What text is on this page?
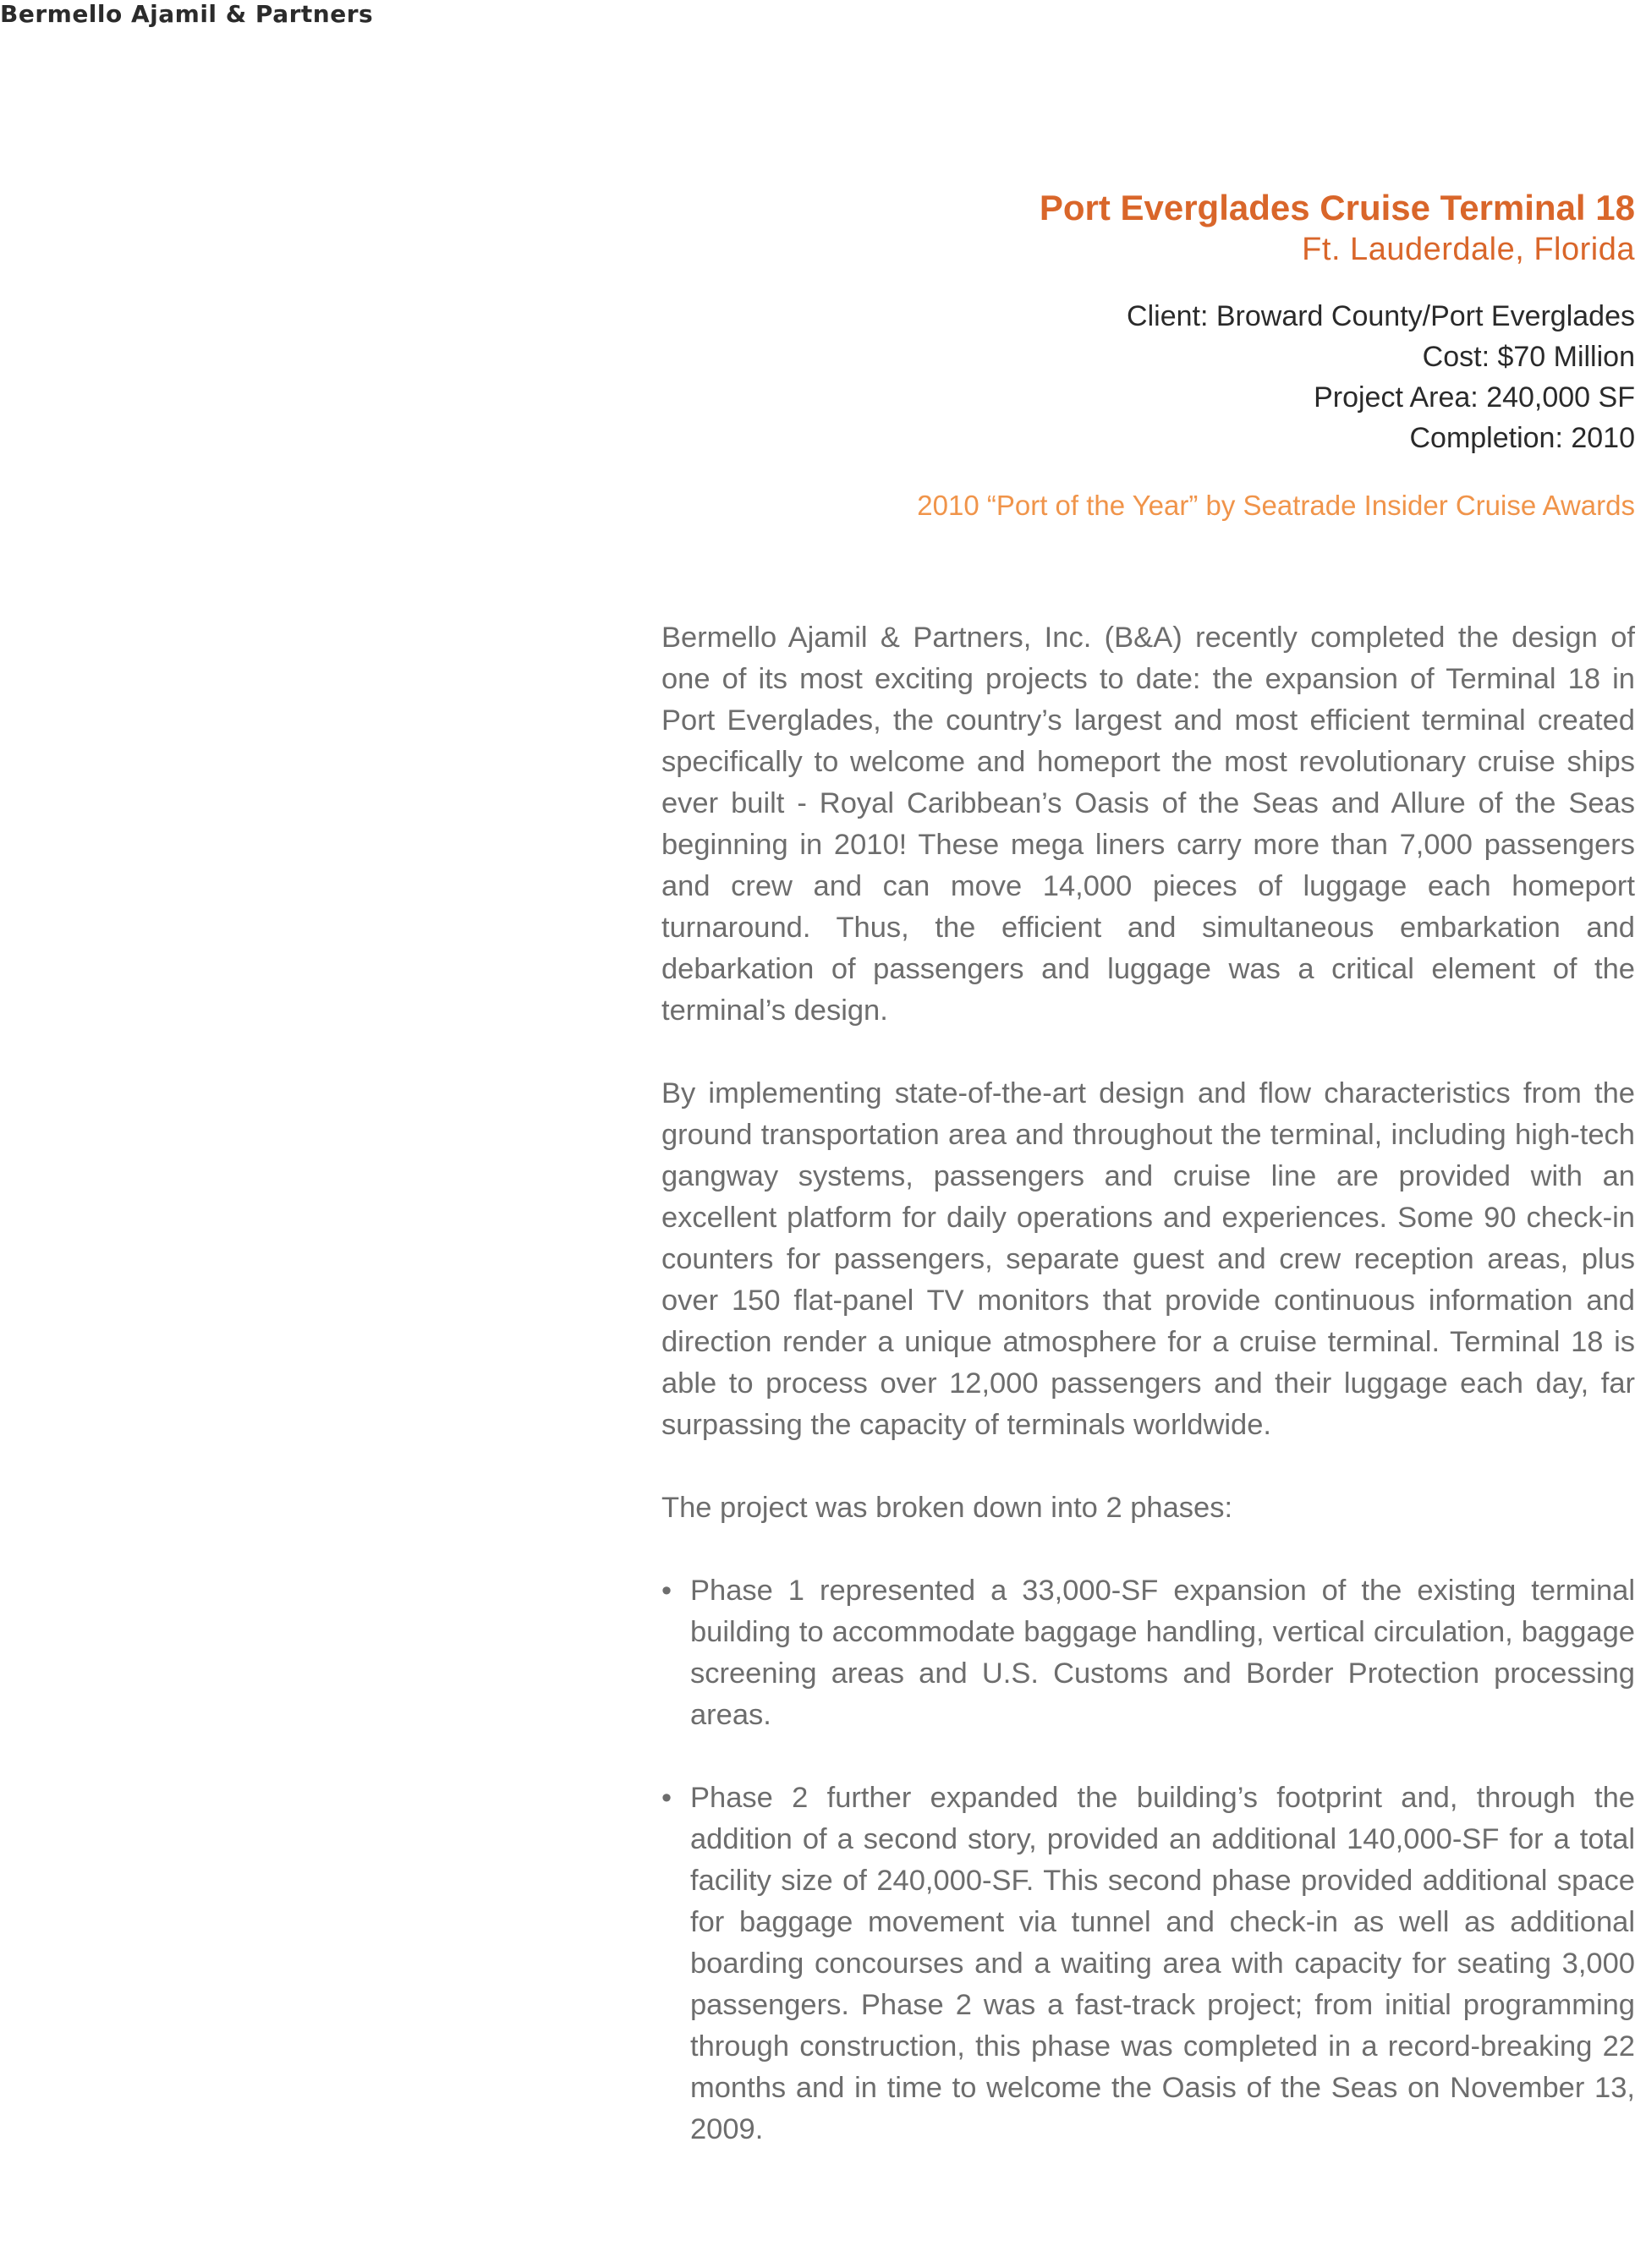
Bermello Ajamil & Partners
Port Everglades Cruise Terminal 18
Ft. Lauderdale, Florida
Client: Broward County/Port Everglades
Cost: $70 Million
Project Area: 240,000 SF
Completion: 2010
2010 “Port of the Year” by Seatrade Insider Cruise Awards

Bermello Ajamil & Partners, Inc. (B&A) recently completed the design of one of its most exciting projects to date: the expansion of Terminal 18 in Port Everglades, the country’s largest and most efficient terminal created specifically to welcome and homeport the most revolutionary cruise ships ever built - Royal Caribbean’s Oasis of the Seas and Allure of the Seas beginning in 2010! These mega liners carry more than 7,000 passengers and crew and can move 14,000 pieces of luggage each homeport turnaround. Thus, the efficient and simultaneous embarkation and debarkation of passengers and luggage was a critical element of the terminal’s design.

By implementing state-of-the-art design and flow characteristics from the ground transportation area and throughout the terminal, including high-tech gangway systems, passengers and cruise line are provided with an excellent platform for daily operations and experiences. Some 90 check-in counters for passengers, separate guest and crew reception areas, plus over 150 flat-panel TV monitors that provide continuous information and direction render a unique atmosphere for a cruise terminal. Terminal 18 is able to process over 12,000 passengers and their luggage each day, far surpassing the capacity of terminals worldwide.

The project was broken down into 2 phases:

• Phase 1 represented a 33,000-SF expansion of the existing terminal building to accommodate baggage handling, vertical circulation, baggage screening areas and U.S. Customs and Border Protection processing areas.
• Phase 2 further expanded the building’s footprint and, through the addition of a second story, provided an additional 140,000-SF for a total facility size of 240,000-SF. This second phase provided additional space for baggage movement via tunnel and check-in as well as additional boarding concourses and a waiting area with capacity for seating 3,000 passengers. Phase 2 was a fast-track project; from initial programming through construction, this phase was completed in a record-breaking 22 months and in time to welcome the Oasis of the Seas on November 13, 2009.
